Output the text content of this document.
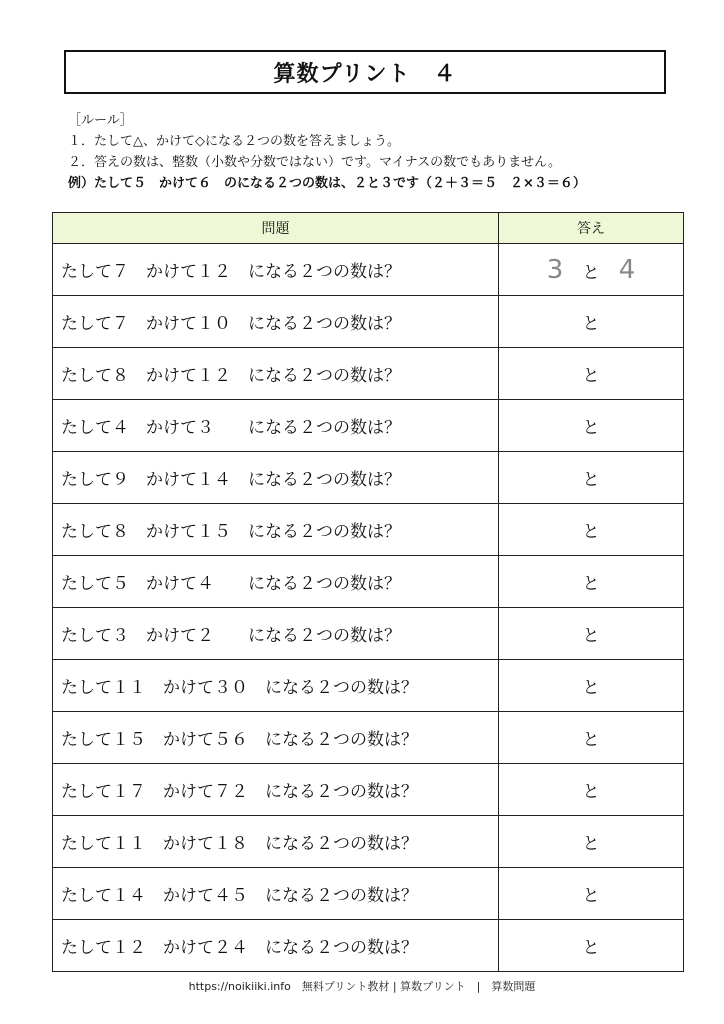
算数プリント　４
［ルール］
１．たして△、かけて◇になる２つの数を答えましょう。
２．答えの数は、整数（小数や分数ではない）です。マイナスの数でもありません。
例）たして５　かけて６　のになる２つの数は、２と３です（２＋３＝５　２×３＝６）
問題	答え
たして７　かけて１２　になる２つの数は？	3 と 4
たして７　かけて１０　になる２つの数は？	と
たして８　かけて１２　になる２つの数は？	と
たして４　かけて３　　になる２つの数は？	と
たして９　かけて１４　になる２つの数は？	と
たして８　かけて１５　になる２つの数は？	と
たして５　かけて４　　になる２つの数は？	と
たして３　かけて２　　になる２つの数は？	と
たして１１　かけて３０　になる２つの数は？	と
たして１５　かけて５６　になる２つの数は？	と
たして１７　かけて７２　になる２つの数は？	と
たして１１　かけて１８　になる２つの数は？	と
たして１４　かけて４５　になる２つの数は？	と
たして１２　かけて２４　になる２つの数は？	と
https://noikiiki.info　無料プリント教材 | 算数プリント　|　算数問題
